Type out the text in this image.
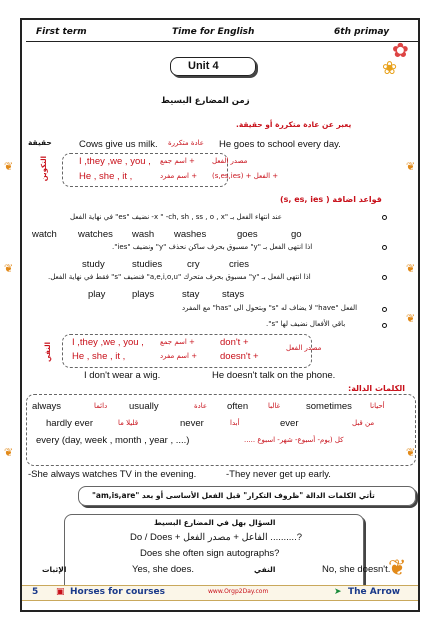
First term	Time for English	6th primay
✿
❀
Unit 4
زمن المضارع البسيط
يعبر عن عادة متكررة أو حقيقة.
حقيقة	Cows give us milk. عادة متكررة He goes to school every day.
التكوين	I ,they ,we , you , + اسم جمع مصدر الفعل
He , she , it ,	+ اسم مفرد + الفعل + (s,es,ies)
قواعد اضافة ( s, es, ies)
عند انتهاء الفعل بـ "x " -ch, sh , ss , o , x- نضيف "es" في نهاية الفعل
watch watches wash washes	goes	go
اذا انتهى الفعل بـ "y" مسبوق بحرف ساكن نحذف "y" ونضيف "ies".
study	studies	cry	cries
اذا انتهى الفعل بـ "y" مسبوق بحرف متحرك "a,e,i,o,u" فنضيف "s" فقط في نهاية الفعل.
play	plays	stay stays
الفعل "have" لا يضاف له "s" وبتحول الى "has" مع المفرد
باقي الأفعال نضيف لها "s".
النفي I ,they ,we , you , + اسم جمع	don't +
He , she , it ,	+ اسم مفرد doesn't +
مصدر الفعل
I don't wear a wig.	He doesn't talk on the phone.
الكلمات الدالة:
always	دائما usually	عادة often	غالبا	sometimes	أحيانا
hardly ever	قليلا ما	never	أبدا	ever	من قبل
every (day, week , month , year , ....)	كل (يوم- أسبوع- شهر- اسبوع .....
-She always watches TV in the evening.	-They never get up early.
تأتي الكلمات الدالة "ظروف التكرار" قبل الفعل الأساسى أو بعد "am,is,are"
السؤال بهل في المضارع البسيط
Do / Does + الفاعل + مصدر الفعل ..........?
Does she often sign autographs?
الإثبات	Yes, she does.	النفي	No, she doesn't.
❦
5 ▣ Horses for courses	www.Orgp2Day.com	➤ The Arrow
❦	❦
❦
❦	❦
❦	❦
